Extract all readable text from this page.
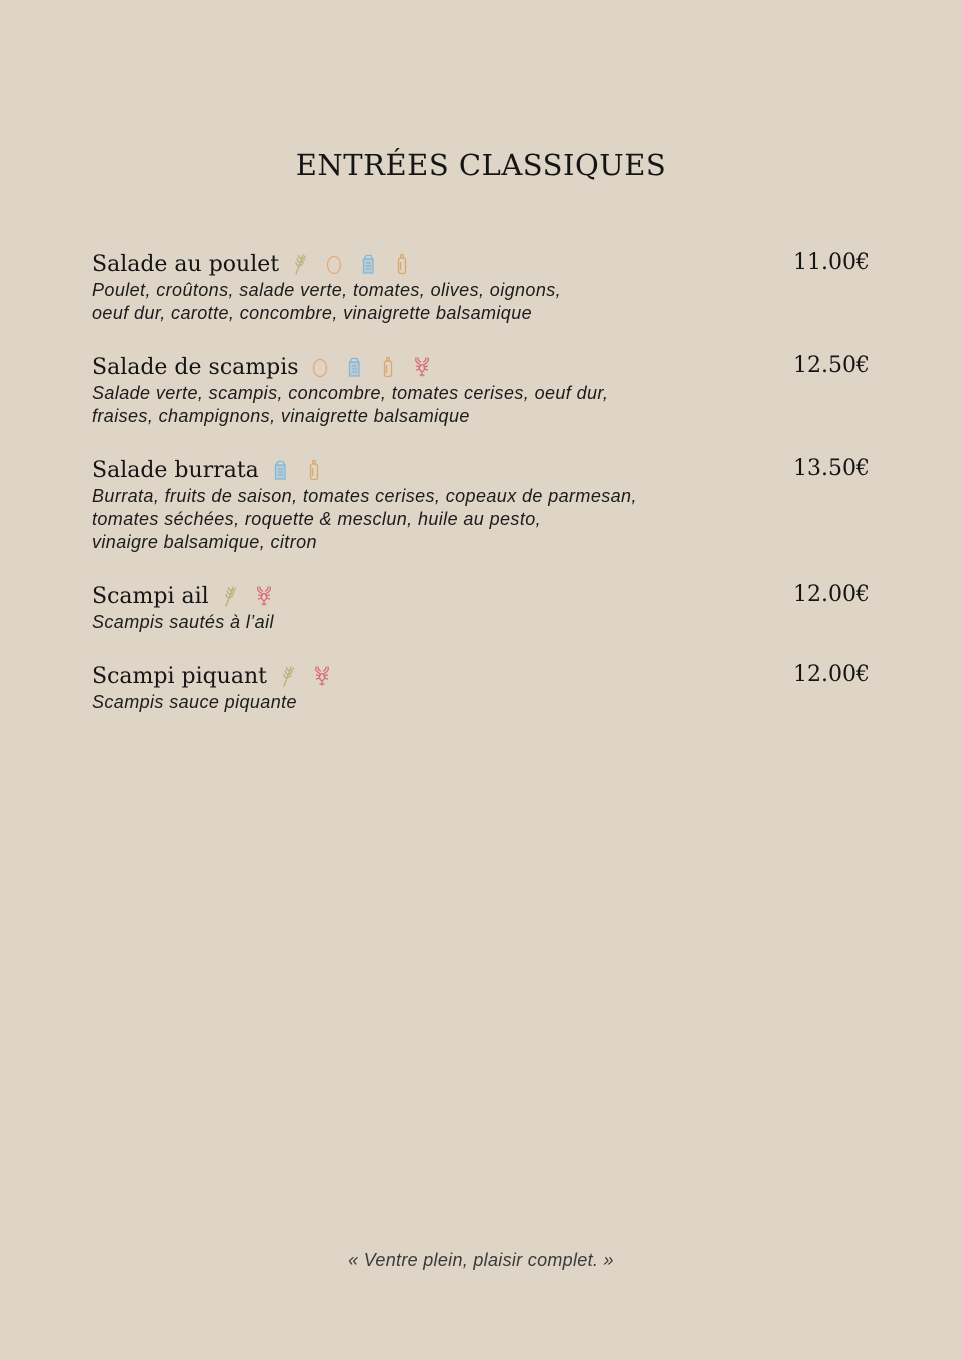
ENTRÉES CLASSIQUES
Salade au poulet	11.00€
Poulet, croûtons, salade verte, tomates, olives, oignons,
oeuf dur, carotte, concombre, vinaigrette balsamique
Salade de scampis	12.50€
Salade verte, scampis, concombre, tomates cerises, oeuf dur,
fraises, champignons, vinaigrette balsamique
Salade burrata	13.50€
Burrata, fruits de saison, tomates cerises, copeaux de parmesan,
tomates séchées, roquette & mesclun, huile au pesto,
vinaigre balsamique, citron
Scampi ail	12.00€
Scampis sautés à l’ail
Scampi piquant	12.00€
Scampis sauce piquante
« Ventre plein, plaisir complet. »
